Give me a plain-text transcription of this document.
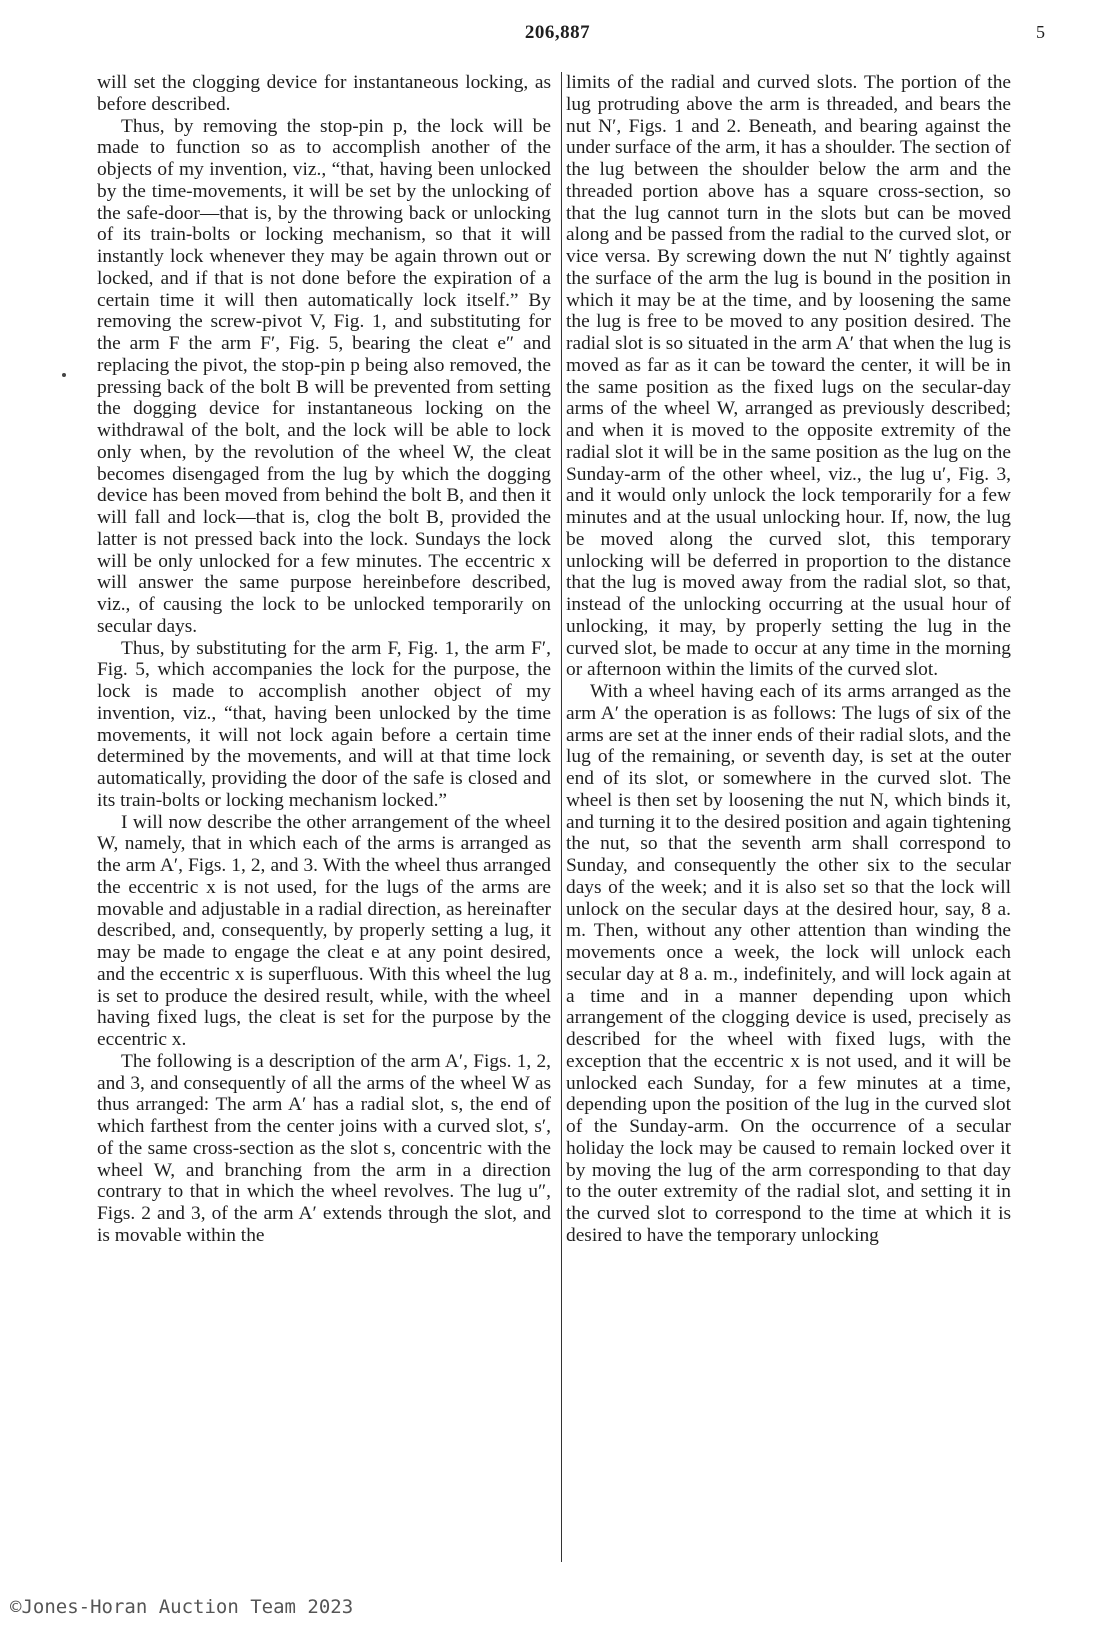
206,887	5

will set the clogging device for instantaneous locking, as before described.

Thus, by removing the stop-pin p, the lock will be made to function so as to accomplish another of the objects of my invention, viz., “that, having been unlocked by the time-movements, it will be set by the unlocking of the safe-door—that is, by the throwing back or unlocking of its train-bolts or locking mechanism, so that it will instantly lock whenever they may be again thrown out or locked, and if that is not done before the expiration of a certain time it will then automatically lock itself.” By removing the screw-pivot V, Fig. 1, and substituting for the arm F the arm F′, Fig. 5, bearing the cleat e″ and replacing the pivot, the stop-pin p being also removed, the pressing back of the bolt B will be prevented from setting the dogging device for instantaneous locking on the withdrawal of the bolt, and the lock will be able to lock only when, by the revolution of the wheel W, the cleat becomes disengaged from the lug by which the dogging device has been moved from behind the bolt B, and then it will fall and lock—that is, clog the bolt B, provided the latter is not pressed back into the lock. Sundays the lock will be only unlocked for a few minutes. The eccentric x will answer the same purpose hereinbefore described, viz., of causing the lock to be unlocked temporarily on secular days.

Thus, by substituting for the arm F, Fig. 1, the arm F′, Fig. 5, which accompanies the lock for the purpose, the lock is made to accomplish another object of my invention, viz., “that, having been unlocked by the time movements, it will not lock again before a certain time determined by the movements, and will at that time lock automatically, providing the door of the safe is closed and its train-bolts or locking mechanism locked.”

I will now describe the other arrangement of the wheel W, namely, that in which each of the arms is arranged as the arm A′, Figs. 1, 2, and 3. With the wheel thus arranged the eccentric x is not used, for the lugs of the arms are movable and adjustable in a radial direction, as hereinafter described, and, consequently, by properly setting a lug, it may be made to engage the cleat e at any point desired, and the eccentric x is superfluous. With this wheel the lug is set to produce the desired result, while, with the wheel having fixed lugs, the cleat is set for the purpose by the eccentric x.

The following is a description of the arm A′, Figs. 1, 2, and 3, and consequently of all the arms of the wheel W as thus arranged: The arm A′ has a radial slot, s, the end of which farthest from the center joins with a curved slot, s′, of the same cross-section as the slot s, concentric with the wheel W, and branching from the arm in a direction contrary to that in which the wheel revolves. The lug u″, Figs. 2 and 3, of the arm A′ extends through the slot, and is movable within the

limits of the radial and curved slots. The portion of the lug protruding above the arm is threaded, and bears the nut N′, Figs. 1 and 2. Beneath, and bearing against the under surface of the arm, it has a shoulder. The section of the lug between the shoulder below the arm and the threaded portion above has a square cross-section, so that the lug cannot turn in the slots but can be moved along and be passed from the radial to the curved slot, or vice versa. By screwing down the nut N′ tightly against the surface of the arm the lug is bound in the position in which it may be at the time, and by loosening the same the lug is free to be moved to any position desired. The radial slot is so situated in the arm A′ that when the lug is moved as far as it can be toward the center, it will be in the same position as the fixed lugs on the secular-day arms of the wheel W, arranged as previously described; and when it is moved to the opposite extremity of the radial slot it will be in the same position as the lug on the Sunday-arm of the other wheel, viz., the lug u′, Fig. 3, and it would only unlock the lock temporarily for a few minutes and at the usual unlocking hour. If, now, the lug be moved along the curved slot, this temporary unlocking will be deferred in proportion to the distance that the lug is moved away from the radial slot, so that, instead of the unlocking occurring at the usual hour of unlocking, it may, by properly setting the lug in the curved slot, be made to occur at any time in the morning or afternoon within the limits of the curved slot.

With a wheel having each of its arms arranged as the arm A′ the operation is as follows: The lugs of six of the arms are set at the inner ends of their radial slots, and the lug of the remaining, or seventh day, is set at the outer end of its slot, or somewhere in the curved slot. The wheel is then set by loosening the nut N, which binds it, and turning it to the desired position and again tightening the nut, so that the seventh arm shall correspond to Sunday, and consequently the other six to the secular days of the week; and it is also set so that the lock will unlock on the secular days at the desired hour, say, 8 a. m. Then, without any other attention than winding the movements once a week, the lock will unlock each secular day at 8 a. m., indefinitely, and will lock again at a time and in a manner depending upon which arrangement of the clogging device is used, precisely as described for the wheel with fixed lugs, with the exception that the eccentric x is not used, and it will be unlocked each Sunday, for a few minutes at a time, depending upon the position of the lug in the curved slot of the Sunday-arm. On the occurrence of a secular holiday the lock may be caused to remain locked over it by moving the lug of the arm corresponding to that day to the outer extremity of the radial slot, and setting it in the curved slot to correspond to the time at which it is desired to have the temporary unlocking

©Jones-Horan Auction Team 2023
